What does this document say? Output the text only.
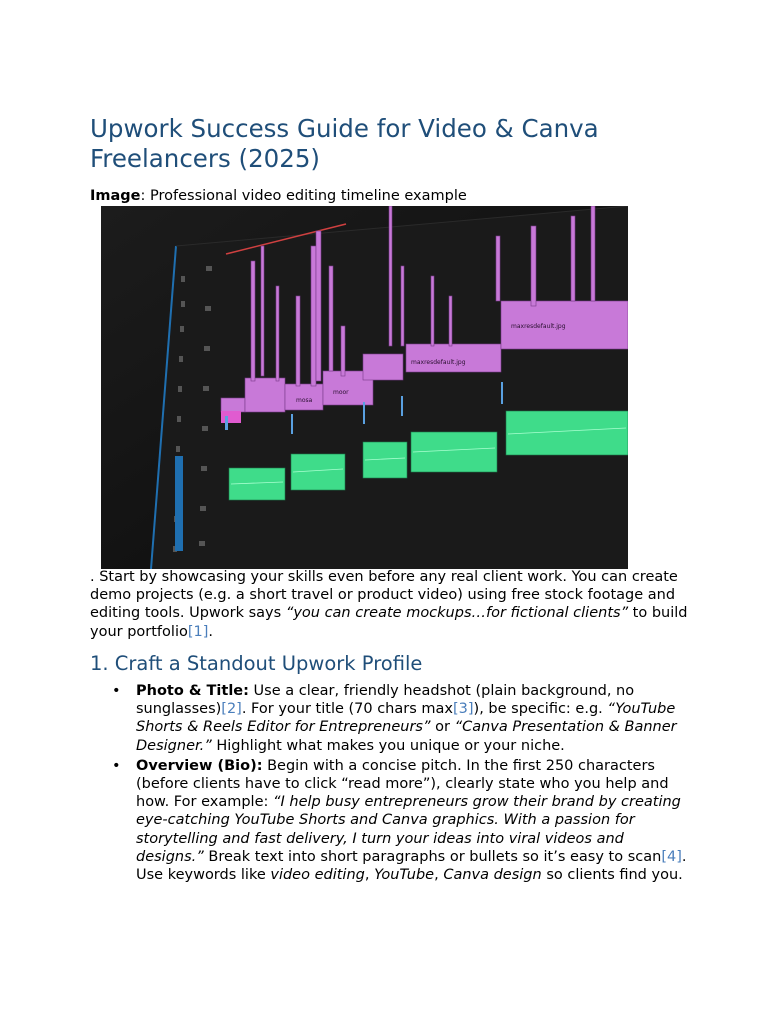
Upwork Success Guide for Video & Canva Freelancers (2025)
Image: Professional video editing timeline example
maxresdefault.jpg
maxresdefault.jpg
moor
mosa
. Start by showcasing your skills even before any real client work. You can create demo projects (e.g. a short travel or product video) using free stock footage and editing tools. Upwork says “you can create mockups…for fictional clients” to build your portfolio[1].
1. Craft a Standout Upwork Profile
• Photo & Title: Use a clear, friendly headshot (plain background, no sunglasses)[2]. For your title (70 chars max[3]), be specific: e.g. “YouTube Shorts & Reels Editor for Entrepreneurs” or “Canva Presentation & Banner Designer.” Highlight what makes you unique or your niche.
• Overview (Bio): Begin with a concise pitch. In the first 250 characters (before clients have to click “read more”), clearly state who you help and how. For example: “I help busy entrepreneurs grow their brand by creating eye-catching YouTube Shorts and Canva graphics. With a passion for storytelling and fast delivery, I turn your ideas into viral videos and designs.” Break text into short paragraphs or bullets so it’s easy to scan[4]. Use keywords like video editing, YouTube, Canva design so clients find you.
